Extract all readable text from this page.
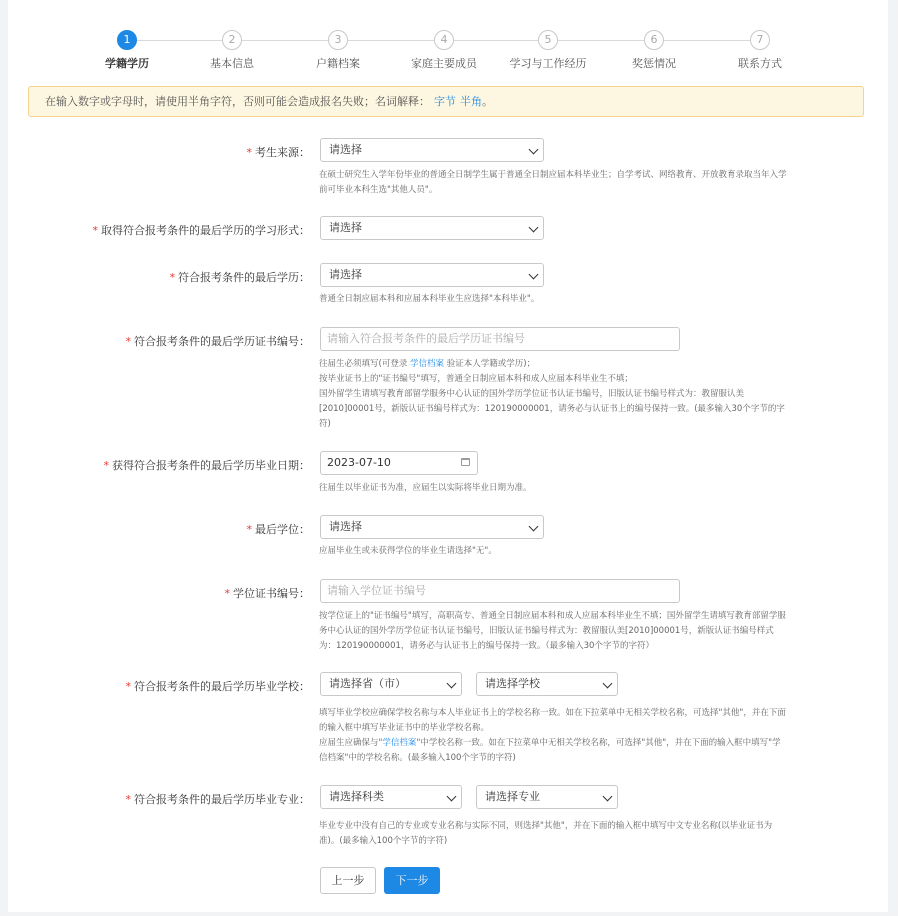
1
学籍学历
2
基本信息
3
户籍档案
4
家庭主要成员
5
学习与工作经历
6
奖惩情况
7
联系方式
在输入数字或字母时，请使用半角字符，否则可能会造成报名失败；名词解释： 字节 半角。
* 考生来源：	请选择
在硕士研究生入学年份毕业的普通全日制学生属于普通全日制应届本科毕业生；自学考试、网络教育、开放教育录取当年入学前可毕业本科生选"其他人员"。
* 取得符合报考条件的最后学历的学习形式：	请选择
* 符合报考条件的最后学历：	请选择
普通全日制应届本科和应届本科毕业生应选择"本科毕业"。
* 符合报考条件的最后学历证书编号：	请输入符合报考条件的最后学历证书编号
往届生必须填写(可登录 学信档案 验证本人学籍或学历)；
按毕业证书上的"证书编号"填写，普通全日制应届本科和成人应届本科毕业生不填；
国外留学生请填写教育部留学服务中心认证的国外学历学位证书认证书编号，旧版认证书编号样式为：教留服认美[2010]00001号，新版认证书编号样式为：120190000001，请务必与认证书上的编号保持一致。(最多输入30个字节的字符)
* 获得符合报考条件的最后学历毕业日期：	2023-07-10
往届生以毕业证书为准，应届生以实际将毕业日期为准。
* 最后学位：	请选择
应届毕业生或未获得学位的毕业生请选择"无"。
* 学位证书编号：	请输入学位证书编号
按学位证上的"证书编号"填写，高职高专、普通全日制应届本科和成人应届本科毕业生不填；国外留学生请填写教育部留学服务中心认证的国外学历学位证书认证书编号，旧版认证书编号样式为：教留服认美[2010]00001号，新版认证书编号样式为：120190000001，请务必与认证书上的编号保持一致。（最多输入30个字节的字符）
* 符合报考条件的最后学历毕业学校：	请选择省（市）	请选择学校
填写毕业学校应确保学校名称与本人毕业证书上的学校名称一致。如在下拉菜单中无相关学校名称，可选择"其他"，并在下面的输入框中填写毕业证书中的毕业学校名称。
应届生应确保与"学信档案"中学校名称一致。如在下拉菜单中无相关学校名称，可选择"其他"，并在下面的输入框中填写"学信档案"中的学校名称。(最多输入100个字节的字符)
* 符合报考条件的最后学历毕业专业：	请选择科类	请选择专业
毕业专业中没有自己的专业或专业名称与实际不同，则选择"其他"，并在下面的输入框中填写中文专业名称(以毕业证书为准)。(最多输入100个字节的字符)
上一步	下一步
